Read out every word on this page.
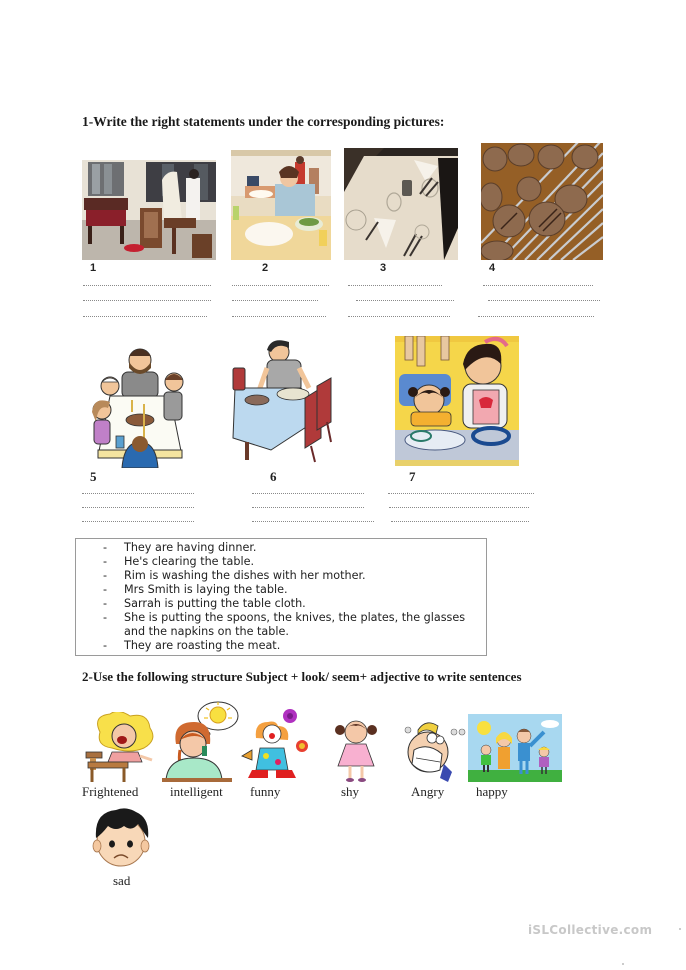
1-Write the right statements under the corresponding pictures:
1	2	3	4
5	6	7
- They are having dinner.
- He's clearing the table.
- Rim is washing the dishes with her mother.
- Mrs Smith is laying the table.
- Sarrah is putting the table cloth.
- She is putting the spoons, the knives, the plates, the glasses and the napkins on the table.
- They are roasting the meat.
2-Use the following structure Subject + look/ seem+ adjective to write sentences
Frightened intelligent funny	shy	Angry happy
sad
iSLCollective.com
